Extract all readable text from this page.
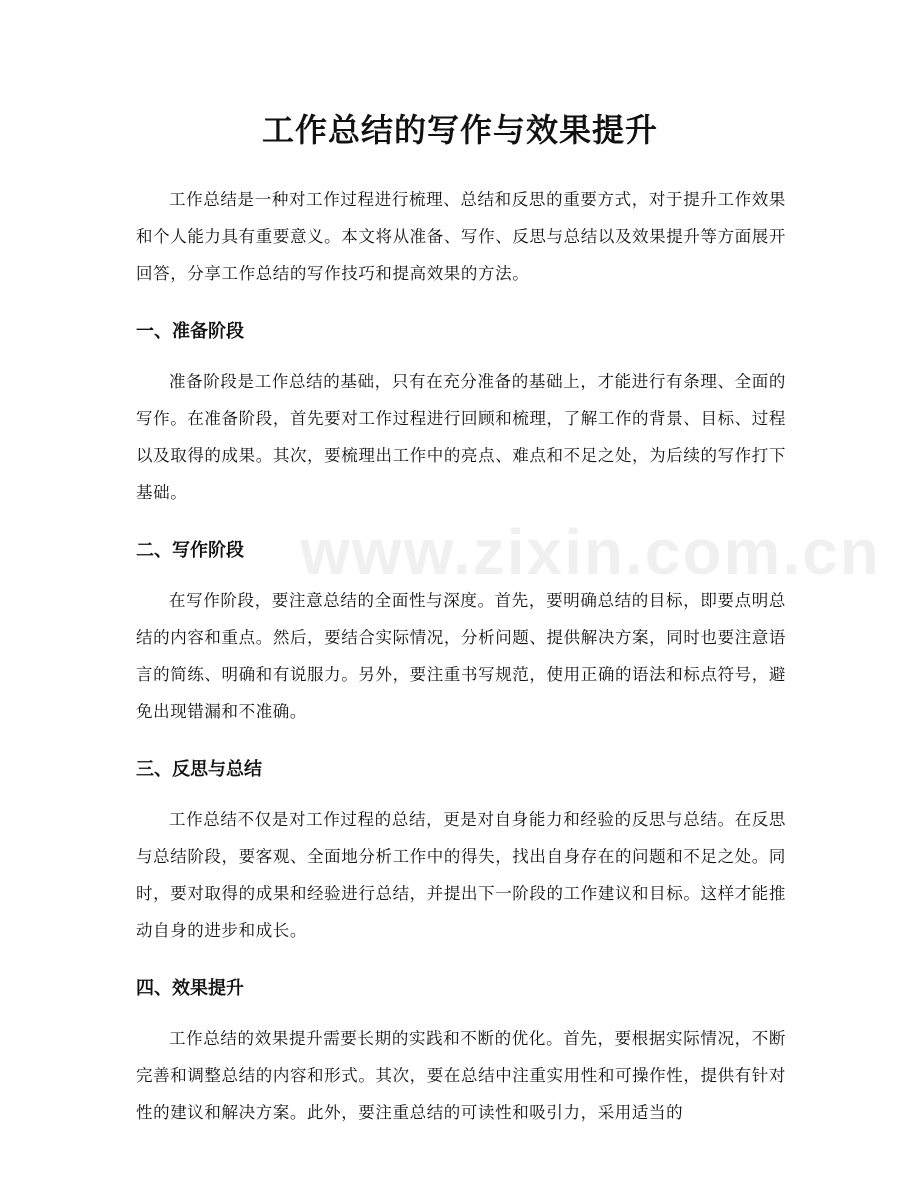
www.zixin.com.cn
工作总结的写作与效果提升

工作总结是一种对工作过程进行梳理、总结和反思的重要方式，对于提升工作效果和个人能力具有重要意义。本文将从准备、写作、反思与总结以及效果提升等方面展开回答，分享工作总结的写作技巧和提高效果的方法。

一、准备阶段

准备阶段是工作总结的基础，只有在充分准备的基础上，才能进行有条理、全面的写作。在准备阶段，首先要对工作过程进行回顾和梳理，了解工作的背景、目标、过程以及取得的成果。其次，要梳理出工作中的亮点、难点和不足之处，为后续的写作打下基础。

二、写作阶段

在写作阶段，要注意总结的全面性与深度。首先，要明确总结的目标，即要点明总结的内容和重点。然后，要结合实际情况，分析问题、提供解决方案，同时也要注意语言的简练、明确和有说服力。另外，要注重书写规范，使用正确的语法和标点符号，避免出现错漏和不准确。

三、反思与总结

工作总结不仅是对工作过程的总结，更是对自身能力和经验的反思与总结。在反思与总结阶段，要客观、全面地分析工作中的得失，找出自身存在的问题和不足之处。同时，要对取得的成果和经验进行总结，并提出下一阶段的工作建议和目标。这样才能推动自身的进步和成长。

四、效果提升

工作总结的效果提升需要长期的实践和不断的优化。首先，要根据实际情况，不断完善和调整总结的内容和形式。其次，要在总结中注重实用性和可操作性，提供有针对性的建议和解决方案。此外，要注重总结的可读性和吸引力，采用适当的
